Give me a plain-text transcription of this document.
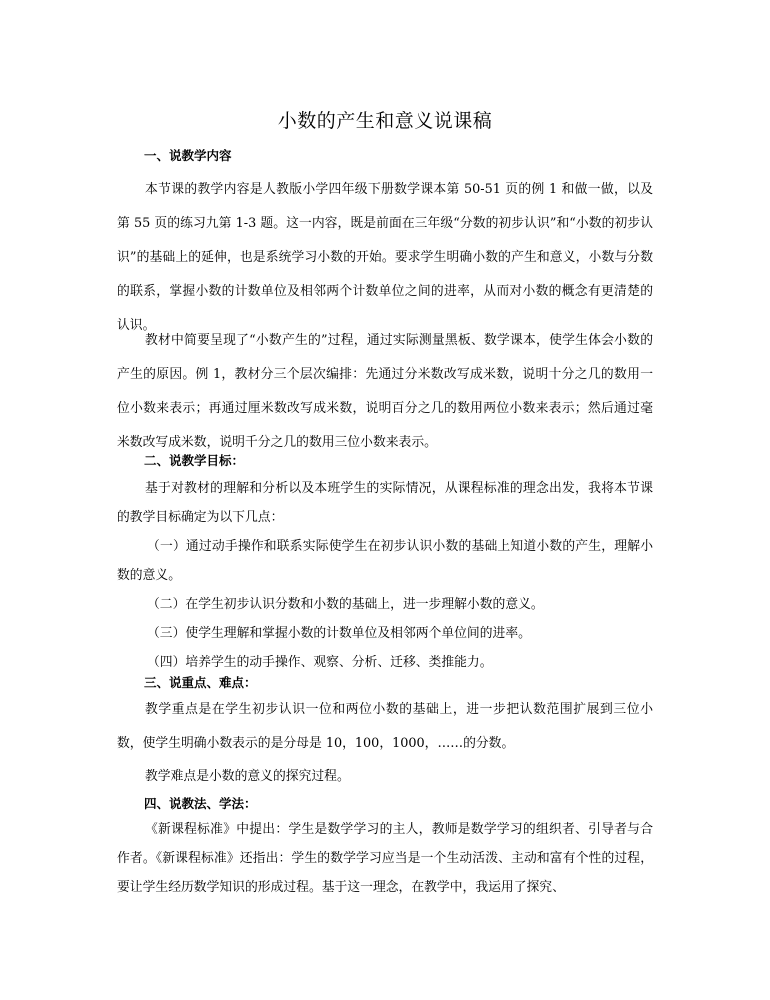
小数的产生和意义说课稿

一、说教学内容

本节课的教学内容是人教版小学四年级下册数学课本第 50-51 页的例 1 和做一做，以及第 55 页的练习九第 1-3 题。这一内容，既是前面在三年级“分数的初步认识”和“小数的初步认识”的基础上的延伸，也是系统学习小数的开始。要求学生明确小数的产生和意义，小数与分数的联系，掌握小数的计数单位及相邻两个计数单位之间的进率，从而对小数的概念有更清楚的认识。

教材中简要呈现了“小数产生的”过程，通过实际测量黑板、数学课本，使学生体会小数的产生的原因。例 1，教材分三个层次编排：先通过分米数改写成米数，说明十分之几的数用一位小数来表示；再通过厘米数改写成米数，说明百分之几的数用两位小数来表示；然后通过毫米数改写成米数，说明千分之几的数用三位小数来表示。

二、说教学目标：

基于对教材的理解和分析以及本班学生的实际情况，从课程标准的理念出发，我将本节课的教学目标确定为以下几点：

（一）通过动手操作和联系实际使学生在初步认识小数的基础上知道小数的产生，理解小数的意义。

（二）在学生初步认识分数和小数的基础上，进一步理解小数的意义。

（三）使学生理解和掌握小数的计数单位及相邻两个单位间的进率。

（四）培养学生的动手操作、观察、分析、迁移、类推能力。

三、说重点、难点：

教学重点是在学生初步认识一位和两位小数的基础上，进一步把认数范围扩展到三位小数，使学生明确小数表示的是分母是 10，100，1000，……的分数。

教学难点是小数的意义的探究过程。

四、说教法、学法：

《新课程标准》中提出：学生是数学学习的主人，教师是数学学习的组织者、引导者与合作者。《新课程标准》还指出：学生的数学学习应当是一个生动活泼、主动和富有个性的过程，要让学生经历数学知识的形成过程。基于这一理念，在教学中，我运用了探究、
